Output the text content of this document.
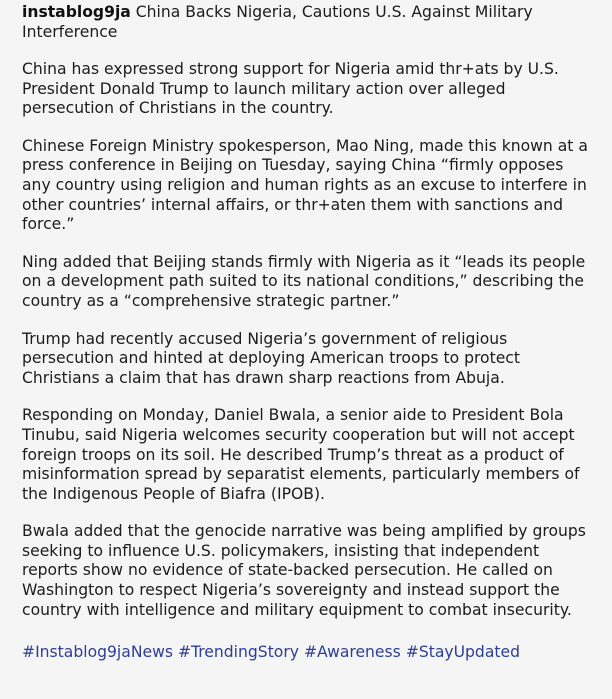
instablog9ja China Backs Nigeria, Cautions U.S. Against Military Interference

China has expressed strong support for Nigeria amid thr+ats by U.S. President Donald Trump to launch military action over alleged persecution of Christians in the country.

Chinese Foreign Ministry spokesperson, Mao Ning, made this known at a press conference in Beijing on Tuesday, saying China “firmly opposes any country using religion and human rights as an excuse to interfere in other countries’ internal affairs, or thr+aten them with sanctions and force.”

Ning added that Beijing stands firmly with Nigeria as it “leads its people on a development path suited to its national conditions,” describing the country as a “comprehensive strategic partner.”

Trump had recently accused Nigeria’s government of religious persecution and hinted at deploying American troops to protect Christians a claim that has drawn sharp reactions from Abuja.

Responding on Monday, Daniel Bwala, a senior aide to President Bola Tinubu, said Nigeria welcomes security cooperation but will not accept foreign troops on its soil. He described Trump’s threat as a product of misinformation spread by separatist elements, particularly members of the Indigenous People of Biafra (IPOB).

Bwala added that the genocide narrative was being amplified by groups seeking to influence U.S. policymakers, insisting that independent reports show no evidence of state-backed persecution. He called on Washington to respect Nigeria’s sovereignty and instead support the country with intelligence and military equipment to combat insecurity.

#Instablog9jaNews #TrendingStory #Awareness #StayUpdated
